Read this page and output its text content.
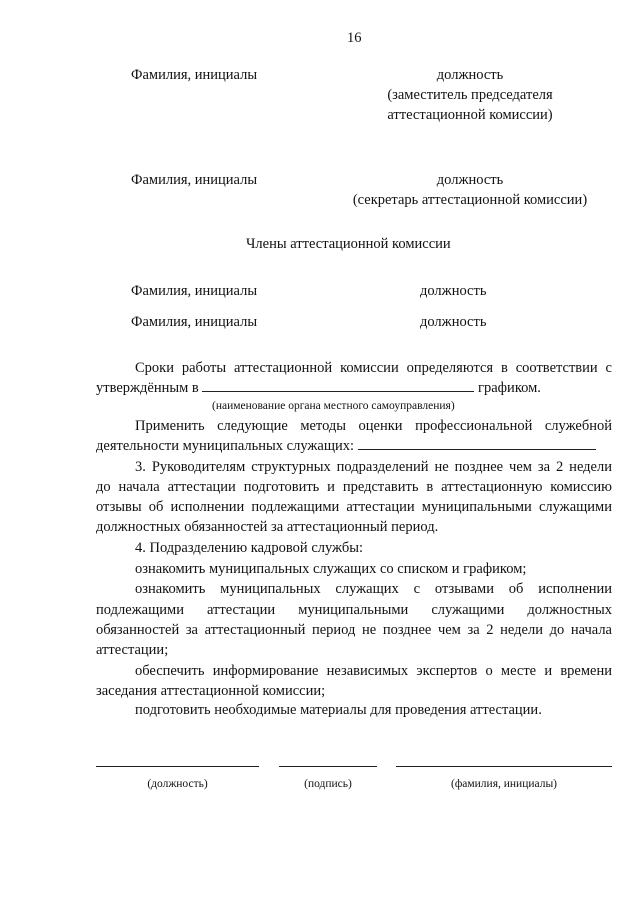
16
Фамилия, инициалы	должность
(заместитель председателя
аттестационной комиссии)
Фамилия, инициалы	должность
(секретарь аттестационной комиссии)
Члены аттестационной комиссии
Фамилия, инициалы	должность
Фамилия, инициалы	должность
Сроки работы аттестационной комиссии определяются в соответствии с
утверждённым в	графиком.
(наименование органа местного самоуправления)
Применить следующие методы оценки профессиональной служебной
деятельности муниципальных служащих:
3. Руководителям структурных подразделений не позднее чем за 2 недели
до начала аттестации подготовить и представить в аттестационную комиссию
отзывы об исполнении подлежащими аттестации муниципальными служащими
должностных обязанностей за аттестационный период.
4. Подразделению кадровой службы:
ознакомить муниципальных служащих со списком и графиком;
ознакомить муниципальных служащих с отзывами об исполнении
подлежащими аттестации муниципальными служащими должностных
обязанностей за аттестационный период не позднее чем за 2 недели до начала
аттестации;
обеспечить информирование независимых экспертов о месте и времени
заседания аттестационной комиссии;
подготовить необходимые материалы для проведения аттестации.
(должность)	(подпись)	(фамилия, инициалы)
